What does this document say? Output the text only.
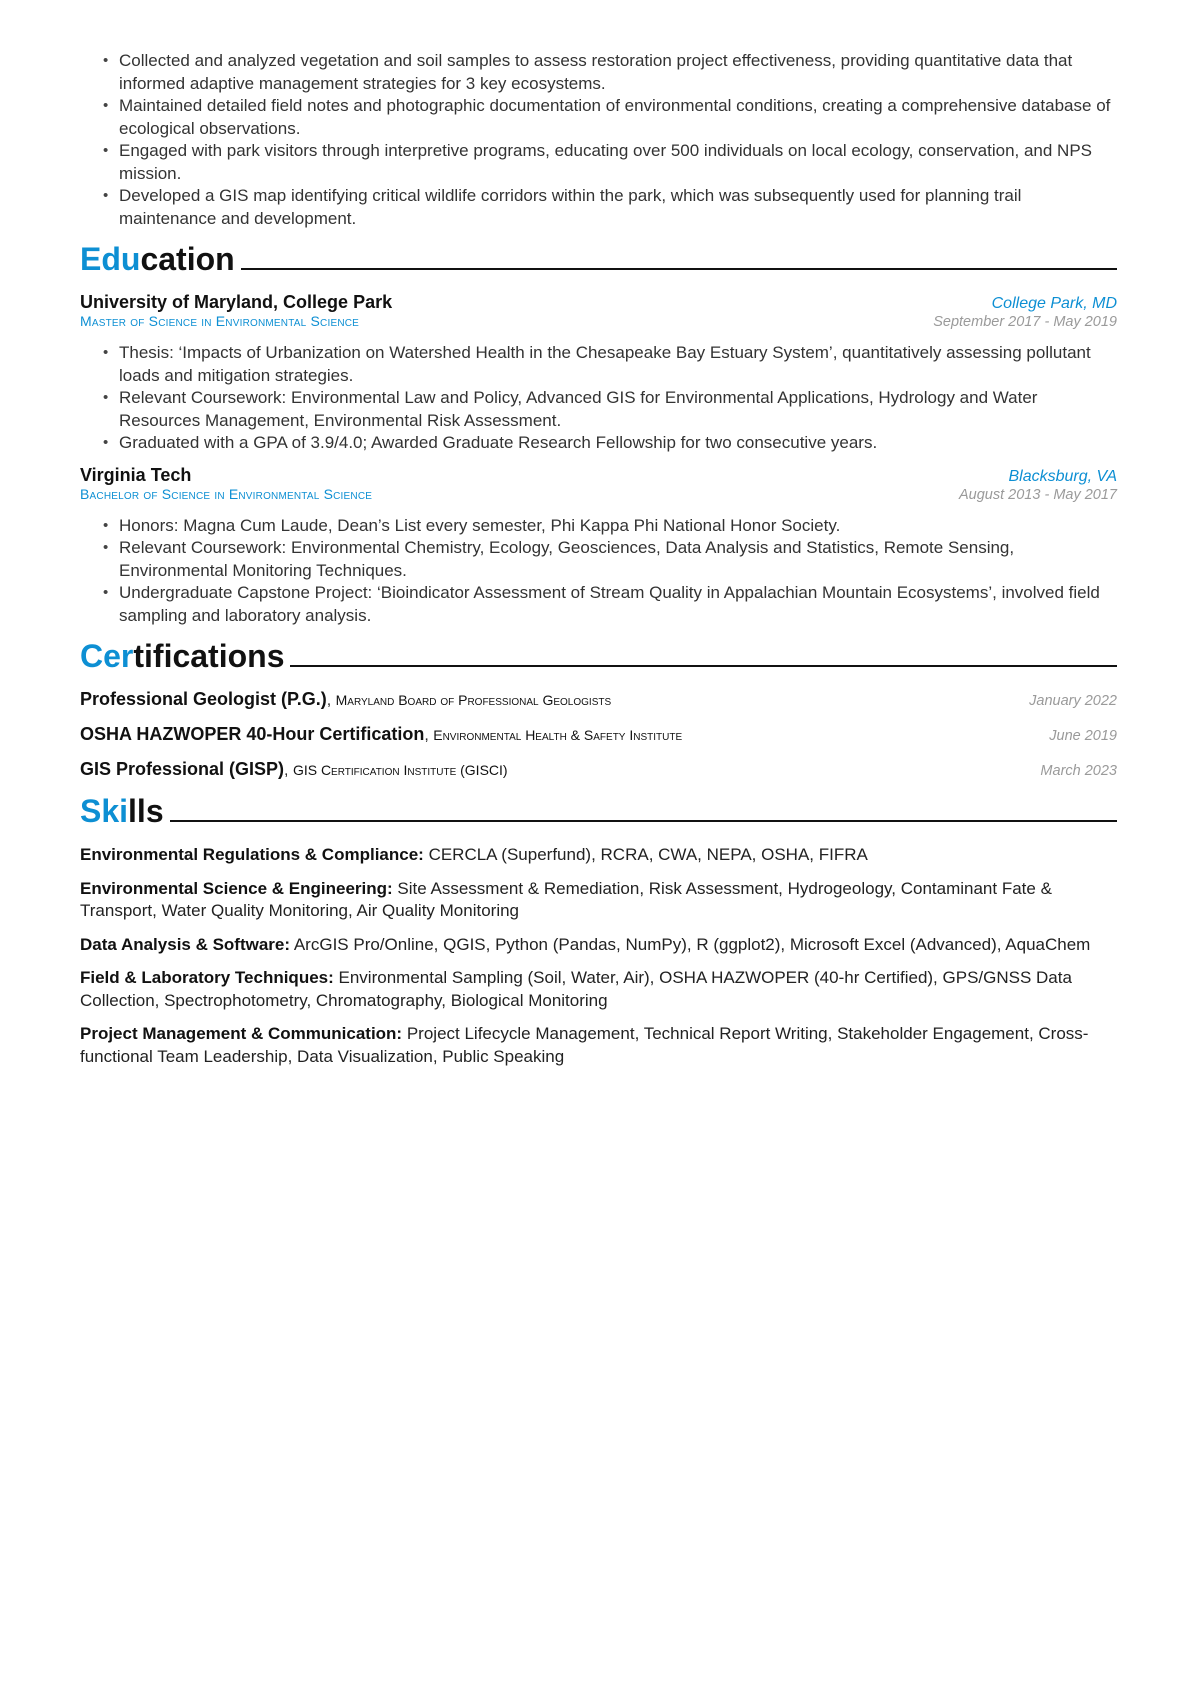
• Collected and analyzed vegetation and soil samples to assess restoration project effectiveness, providing quantitative data that informed adaptive management strategies for 3 key ecosystems.
• Maintained detailed field notes and photographic documentation of environmental conditions, creating a comprehensive database of ecological observations.
• Engaged with park visitors through interpretive programs, educating over 500 individuals on local ecology, conservation, and NPS mission.
• Developed a GIS map identifying critical wildlife corridors within the park, which was subsequently used for planning trail maintenance and development.
Education
University of Maryland, College Park	College Park, MD
Master of Science in Environmental Science	September 2017 - May 2019
• Thesis: ‘Impacts of Urbanization on Watershed Health in the Chesapeake Bay Estuary System’, quantitatively assessing pollutant loads and mitigation strategies.
• Relevant Coursework: Environmental Law and Policy, Advanced GIS for Environmental Applications, Hydrology and Water Resources Management, Environmental Risk Assessment.
• Graduated with a GPA of 3.9/4.0; Awarded Graduate Research Fellowship for two consecutive years.
Virginia Tech	Blacksburg, VA
Bachelor of Science in Environmental Science	August 2013 - May 2017
• Honors: Magna Cum Laude, Dean’s List every semester, Phi Kappa Phi National Honor Society.
• Relevant Coursework: Environmental Chemistry, Ecology, Geosciences, Data Analysis and Statistics, Remote Sensing, Environmental Monitoring Techniques.
• Undergraduate Capstone Project: ‘Bioindicator Assessment of Stream Quality in Appalachian Mountain Ecosystems’, involved field sampling and laboratory analysis.
Certifications
Professional Geologist (P.G.), Maryland Board of Professional Geologists	January 2022
OSHA HAZWOPER 40-Hour Certification, Environmental Health & Safety Institute	June 2019
GIS Professional (GISP), GIS Certification Institute (GISCI)	March 2023
Skills
Environmental Regulations & Compliance: CERCLA (Superfund), RCRA, CWA, NEPA, OSHA, FIFRA
Environmental Science & Engineering: Site Assessment & Remediation, Risk Assessment, Hydrogeology, Contaminant Fate & Transport, Water Quality Monitoring, Air Quality Monitoring
Data Analysis & Software: ArcGIS Pro/Online, QGIS, Python (Pandas, NumPy), R (ggplot2), Microsoft Excel (Advanced), AquaChem
Field & Laboratory Techniques: Environmental Sampling (Soil, Water, Air), OSHA HAZWOPER (40-hr Certified), GPS/GNSS Data Collection, Spectrophotometry, Chromatography, Biological Monitoring
Project Management & Communication: Project Lifecycle Management, Technical Report Writing, Stakeholder Engagement, Cross-functional Team Leadership, Data Visualization, Public Speaking
